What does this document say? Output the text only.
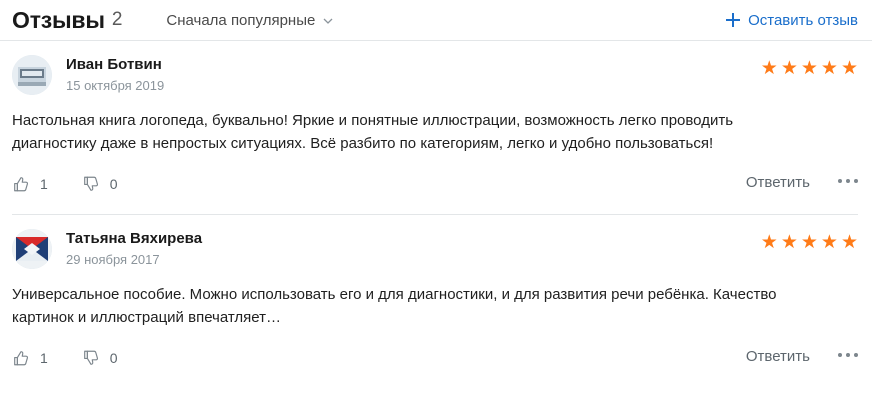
Отзывы 2	Сначала популярные	Оставить отзыв
Иван Ботвин
15 октября 2019
★ ★ ★ ★ ★

Настольная книга логопеда, буквально! Яркие и понятные иллюстрации, возможность легко проводить диагностику даже в непростых ситуациях. Всё разбито по категориям, легко и удобно пользоваться!

1	0	Ответить
Татьяна Вяхирева
29 ноября 2017
★ ★ ★ ★ ★

Универсальное пособие. Можно использовать его и для диагностики, и для развития речи ребёнка. Качество картинок и иллюстраций впечатляет…

1	0	Ответить
